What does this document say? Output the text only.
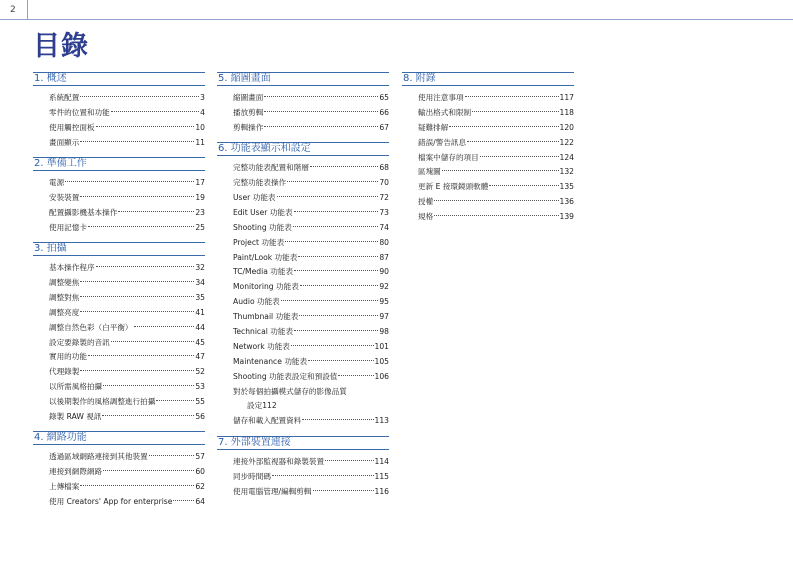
2
目錄
1. 概述
系統配置	3
零件的位置和功能	4
使用觸控面板	10
畫面顯示	11
2. 準備工作
電源	17
安裝裝置	19
配置攝影機基本操作	23
使用記憶卡	25
3. 拍攝
基本操作程序	32
調整變焦	34
調整對焦	35
調整亮度	41
調整自然色彩（白平衡）	44
設定要錄製的音訊	45
實用的功能	47
代理錄製	52
以所需風格拍攝	53
以後期製作的風格調整進行拍攝	55
錄製 RAW 視訊	56
4. 網路功能
透過區域網路連接到其他裝置	57
連接到網際網路	60
上傳檔案	62
使用 Creators' App for enterprise	64
5. 縮圖畫面
縮圖畫面	65
播放剪輯	66
剪輯操作	67
6. 功能表顯示和設定
完整功能表配置和階層	68
完整功能表操作	70
User 功能表	72
Edit User 功能表	73
Shooting 功能表	74
Project 功能表	80
Paint/Look 功能表	87
TC/Media 功能表	90
Monitoring 功能表	92
Audio 功能表	95
Thumbnail 功能表	97
Technical 功能表	98
Network 功能表	101
Maintenance 功能表	105
Shooting 功能表設定和預設值	106
對於每個拍攝模式儲存的影像品質
設定 112
儲存和載入配置資料	113
7. 外部裝置連接
連接外部監視器和錄製裝置	114
同步時間碼	115
使用電腦管理/編輯剪輯	116
8. 附錄
使用注意事項	117
輸出格式和限制	118
疑難排解	120
錯誤/警告訊息	122
檔案中儲存的項目	124
區塊圖	132
更新 E 接環鏡頭軟體	135
授權	136
規格	139
